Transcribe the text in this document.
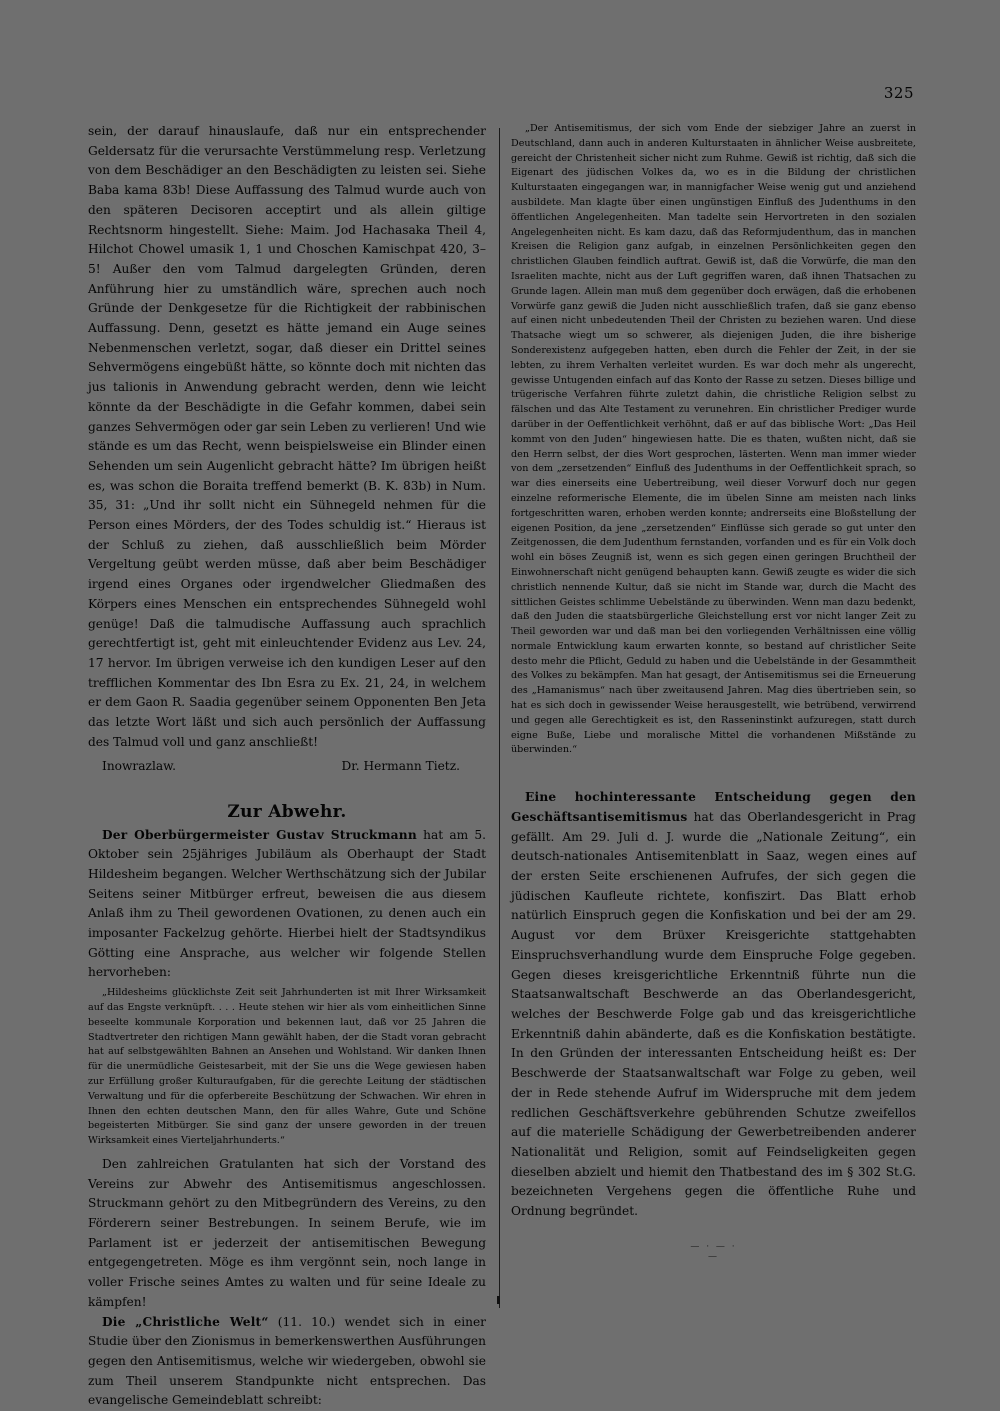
325

sein, der darauf hinauslaufe, daß nur ein entsprechender Geldersatz für die verursachte Verstümmelung resp. Verletzung von dem Beschädiger an den Beschädigten zu leisten sei. Siehe Baba kama 83b! Diese Auffassung des Talmud wurde auch von den späteren Decisoren acceptirt und als allein giltige Rechtsnorm hingestellt. Siehe: Maim. Jod Hachasaka Theil 4, Hilchot Chowel umasik 1, 1 und Choschen Kamischpat 420, 3–5! Außer den vom Talmud dargelegten Gründen, deren Anführung hier zu umständlich wäre, sprechen auch noch Gründe der Denkgesetze für die Richtigkeit der rabbinischen Auffassung. Denn, gesetzt es hätte jemand ein Auge seines Nebenmenschen verletzt, sogar, daß dieser ein Drittel seines Sehvermögens eingebüßt hätte, so könnte doch mit nichten das jus talionis in Anwendung gebracht werden, denn wie leicht könnte da der Beschädigte in die Gefahr kommen, dabei sein ganzes Sehvermögen oder gar sein Leben zu verlieren! Und wie stände es um das Recht, wenn beispielsweise ein Blinder einen Sehenden um sein Augenlicht gebracht hätte? Im übrigen heißt es, was schon die Boraita treffend bemerkt (B. K. 83b) in Num. 35, 31: „Und ihr sollt nicht ein Sühnegeld nehmen für die Person eines Mörders, der des Todes schuldig ist.“ Hieraus ist der Schluß zu ziehen, daß ausschließlich beim Mörder Vergeltung geübt werden müsse, daß aber beim Beschädiger irgend eines Organes oder irgendwelcher Gliedmaßen des Körpers eines Menschen ein entsprechendes Sühnegeld wohl genüge! Daß die talmudische Auffassung auch sprachlich gerechtfertigt ist, geht mit einleuchtender Evidenz aus Lev. 24, 17 hervor. Im übrigen verweise ich den kundigen Leser auf den trefflichen Kommentar des Ibn Esra zu Ex. 21, 24, in welchem er dem Gaon R. Saadia gegenüber seinem Opponenten Ben Jeta das letzte Wort läßt und sich auch persönlich der Auffassung des Talmud voll und ganz anschließt!

Inowrazlaw.	Dr. Hermann Tietz.
Zur Abwehr.

Der Oberbürgermeister Gustav Struckmann hat am 5. Oktober sein 25jähriges Jubiläum als Oberhaupt der Stadt Hildesheim begangen. Welcher Werthschätzung sich der Jubilar Seitens seiner Mitbürger erfreut, beweisen die aus diesem Anlaß ihm zu Theil gewordenen Ovationen, zu denen auch ein imposanter Fackelzug gehörte. Hierbei hielt der Stadtsyndikus Götting eine Ansprache, aus welcher wir folgende Stellen hervorheben:

„Hildesheims glücklichste Zeit seit Jahrhunderten ist mit Ihrer Wirksamkeit auf das Engste verknüpft. . . . Heute stehen wir hier als vom einheitlichen Sinne beseelte kommunale Korporation und bekennen laut, daß vor 25 Jahren die Stadtvertreter den richtigen Mann gewählt haben, der die Stadt voran gebracht hat auf selbstgewählten Bahnen an Ansehen und Wohlstand. Wir danken Ihnen für die unermüdliche Geistesarbeit, mit der Sie uns die Wege gewiesen haben zur Erfüllung großer Kulturaufgaben, für die gerechte Leitung der städtischen Verwaltung und für die opferbereite Beschützung der Schwachen. Wir ehren in Ihnen den echten deutschen Mann, den für alles Wahre, Gute und Schöne begeisterten Mitbürger. Sie sind ganz der unsere geworden in der treuen Wirksamkeit eines Vierteljahrhunderts.“

Den zahlreichen Gratulanten hat sich der Vorstand des Vereins zur Abwehr des Antisemitismus angeschlossen. Struckmann gehört zu den Mitbegründern des Vereins, zu den Förderern seiner Bestrebungen. In seinem Berufe, wie im Parlament ist er jederzeit der antisemitischen Bewegung entgegengetreten. Möge es ihm vergönnt sein, noch lange in voller Frische seines Amtes zu walten und für seine Ideale zu kämpfen!

Die „Christliche Welt“ (11. 10.) wendet sich in einer Studie über den Zionismus in bemerkenswerthen Ausführungen gegen den Antisemitismus, welche wir wiedergeben, obwohl sie zum Theil unserem Standpunkte nicht entsprechen. Das evangelische Gemeindeblatt schreibt:

„Der Antisemitismus, der sich vom Ende der siebziger Jahre an zuerst in Deutschland, dann auch in anderen Kulturstaaten in ähnlicher Weise ausbreitete, gereicht der Christenheit sicher nicht zum Ruhme. Gewiß ist richtig, daß sich die Eigenart des jüdischen Volkes da, wo es in die Bildung der christlichen Kulturstaaten eingegangen war, in mannigfacher Weise wenig gut und anziehend ausbildete. Man klagte über einen ungünstigen Einfluß des Judenthums in den öffentlichen Angelegenheiten. Man tadelte sein Hervortreten in den sozialen Angelegenheiten nicht. Es kam dazu, daß das Reformjudenthum, das in manchen Kreisen die Religion ganz aufgab, in einzelnen Persönlichkeiten gegen den christlichen Glauben feindlich auftrat. Gewiß ist, daß die Vorwürfe, die man den Israeliten machte, nicht aus der Luft gegriffen waren, daß ihnen Thatsachen zu Grunde lagen. Allein man muß dem gegenüber doch erwägen, daß die erhobenen Vorwürfe ganz gewiß die Juden nicht ausschließlich trafen, daß sie ganz ebenso auf einen nicht unbedeutenden Theil der Christen zu beziehen waren. Und diese Thatsache wiegt um so schwerer, als diejenigen Juden, die ihre bisherige Sonderexistenz aufgegeben hatten, eben durch die Fehler der Zeit, in der sie lebten, zu ihrem Verhalten verleitet wurden. Es war doch mehr als ungerecht, gewisse Untugenden einfach auf das Konto der Rasse zu setzen. Dieses billige und trügerische Verfahren führte zuletzt dahin, die christliche Religion selbst zu fälschen und das Alte Testament zu verunehren. Ein christlicher Prediger wurde darüber in der Oeffentlichkeit verhöhnt, daß er auf das biblische Wort: „Das Heil kommt von den Juden“ hingewiesen hatte. Die es thaten, wußten nicht, daß sie den Herrn selbst, der dies Wort gesprochen, lästerten. Wenn man immer wieder von dem „zersetzenden“ Einfluß des Judenthums in der Oeffentlichkeit sprach, so war dies einerseits eine Uebertreibung, weil dieser Vorwurf doch nur gegen einzelne reformerische Elemente, die im übelen Sinne am meisten nach links fortgeschritten waren, erhoben werden konnte; andrerseits eine Bloßstellung der eigenen Position, da jene „zersetzenden“ Einflüsse sich gerade so gut unter den Zeitgenossen, die dem Judenthum fernstanden, vorfanden und es für ein Volk doch wohl ein böses Zeugniß ist, wenn es sich gegen einen geringen Bruchtheil der Einwohnerschaft nicht genügend behaupten kann. Gewiß zeugte es wider die sich christlich nennende Kultur, daß sie nicht im Stande war, durch die Macht des sittlichen Geistes schlimme Uebelstände zu überwinden. Wenn man dazu bedenkt, daß den Juden die staatsbürgerliche Gleichstellung erst vor nicht langer Zeit zu Theil geworden war und daß man bei den vorliegenden Verhältnissen eine völlig normale Entwicklung kaum erwarten konnte, so bestand auf christlicher Seite desto mehr die Pflicht, Geduld zu haben und die Uebelstände in der Gesammtheit des Volkes zu bekämpfen. Man hat gesagt, der Antisemitismus sei die Erneuerung des „Hamanismus“ nach über zweitausend Jahren. Mag dies übertrieben sein, so hat es sich doch in gewissender Weise herausgestellt, wie betrübend, verwirrend und gegen alle Gerechtigkeit es ist, den Rasseninstinkt aufzuregen, statt durch eigne Buße, Liebe und moralische Mittel die vorhandenen Mißstände zu überwinden.“

Eine hochinteressante Entscheidung gegen den Geschäftsantisemitismus hat das Oberlandesgericht in Prag gefällt. Am 29. Juli d. J. wurde die „Nationale Zeitung“, ein deutsch-nationales Antisemitenblatt in Saaz, wegen eines auf der ersten Seite erschienenen Aufrufes, der sich gegen die jüdischen Kaufleute richtete, konfiszirt. Das Blatt erhob natürlich Einspruch gegen die Konfiskation und bei der am 29. August vor dem Brüxer Kreisgerichte stattgehabten Einspruchsverhandlung wurde dem Einspruche Folge gegeben. Gegen dieses kreisgerichtliche Erkenntniß führte nun die Staatsanwaltschaft Beschwerde an das Oberlandesgericht, welches der Beschwerde Folge gab und das kreisgerichtliche Erkenntniß dahin abänderte, daß es die Konfiskation bestätigte. In den Gründen der interessanten Entscheidung heißt es: Der Beschwerde der Staatsanwaltschaft war Folge zu geben, weil der in Rede stehende Aufruf im Widerspruche mit dem jedem redlichen Geschäftsverkehre gebührenden Schutze zweifellos auf die materielle Schädigung der Gewerbetreibenden anderer Nationalität und Religion, somit auf Feindseligkeiten gegen dieselben abzielt und hiemit den Thatbestand des im § 302 St.G. bezeichneten Vergehens gegen die öffentliche Ruhe und Ordnung begründet.

— · — · —
